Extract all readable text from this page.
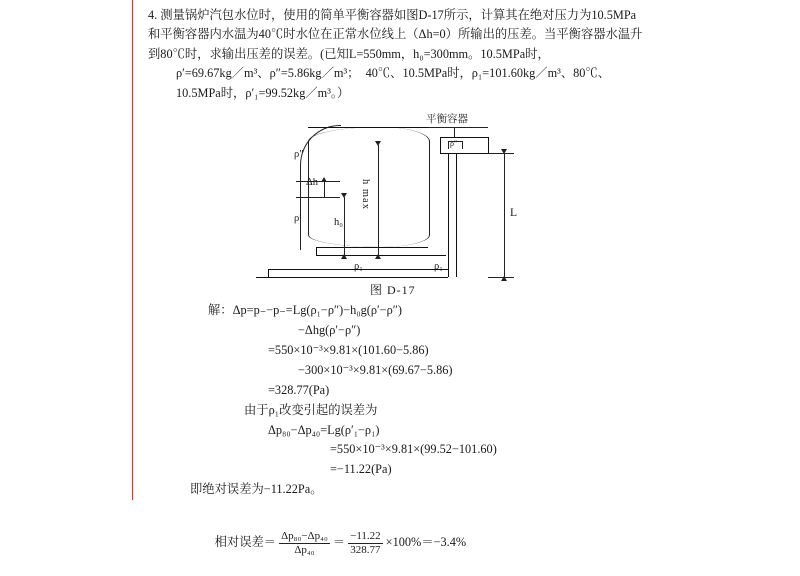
4. 测量锅炉汽包水位时，使用的简单平衡容器如图D-17所示，计算其在绝对压力为10.5MPa
和平衡容器内水温为40℃时水位在正常水位线上（Δh=0）所输出的压差。当平衡容器水温升
到80℃时，求输出压差的误差。(已知L=550mm，h₀=300mm。10.5MPa时，
ρ′=69.67kg／m³、ρ″=5.86kg／m³；  40℃、10.5MPa时，ρ₁=101.60kg／m³、80℃、
10.5MPa时，ρ′₁=99.52kg／m³。）
平衡容器
ρ″
ρ′
Δh
h₀
h max
ρ″
L
ρ₁	ρ₁
图 D-17
解：Δp=p₋−p₋=Lg(ρ₁−ρ″)−h₀g(ρ′−ρ″)
−Δhg(ρ′−ρ″)
=550×10⁻³×9.81×(101.60−5.86)
−300×10⁻³×9.81×(69.67−5.86)
=328.77(Pa)
由于ρ₁改变引起的误差为
Δp₈₀−Δp₄₀=Lg(ρ′₁−ρ₁)
=550×10⁻³×9.81×(99.52−101.60)
=−11.22(Pa)
即绝对误差为−11.22Pa。

相对误差＝ $\frac{\text{Δp₈₀−Δp₄₀}}{\text{Δp₄₀}} = \frac{-11.22}{328.77} \times 100\%=-3.4\%$
